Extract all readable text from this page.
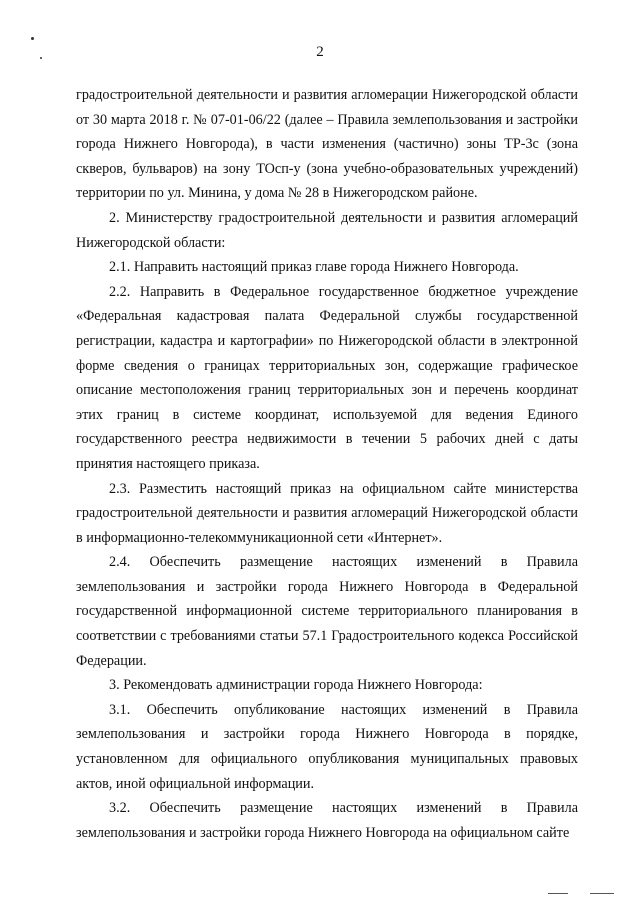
2

градостроительной деятельности и развития агломерации Нижегородской области от 30 марта 2018 г. № 07-01-06/22 (далее – Правила землепользования и застройки города Нижнего Новгорода), в части изменения (частично) зоны ТР-3с (зона скверов, бульваров) на зону ТОсп-у (зона учебно-образовательных учреждений) территории по ул. Минина, у дома № 28 в Нижегородском районе.

2. Министерству градостроительной деятельности и развития агломераций Нижегородской области:

2.1. Направить настоящий приказ главе города Нижнего Новгорода.

2.2. Направить в Федеральное государственное бюджетное учреждение «Федеральная кадастровая палата Федеральной службы государственной регистрации, кадастра и картографии» по Нижегородской области в электронной форме сведения о границах территориальных зон, содержащие графическое описание местоположения границ территориальных зон и перечень координат этих границ в системе координат, используемой для ведения Единого государственного реестра недвижимости в течении 5 рабочих дней с даты принятия настоящего приказа.

2.3. Разместить настоящий приказ на официальном сайте министерства градостроительной деятельности и развития агломераций Нижегородской области в информационно-телекоммуникационной сети «Интернет».

2.4. Обеспечить размещение настоящих изменений в Правила землепользования и застройки города Нижнего Новгорода в Федеральной государственной информационной системе территориального планирования в соответствии с требованиями статьи 57.1 Градостроительного кодекса Российской Федерации.

3. Рекомендовать администрации города Нижнего Новгорода:

3.1. Обеспечить опубликование настоящих изменений в Правила землепользования и застройки города Нижнего Новгорода в порядке, установленном для официального опубликования муниципальных правовых актов, иной официальной информации.

3.2. Обеспечить размещение настоящих изменений в Правила землепользования и застройки города Нижнего Новгорода на официальном сайте
